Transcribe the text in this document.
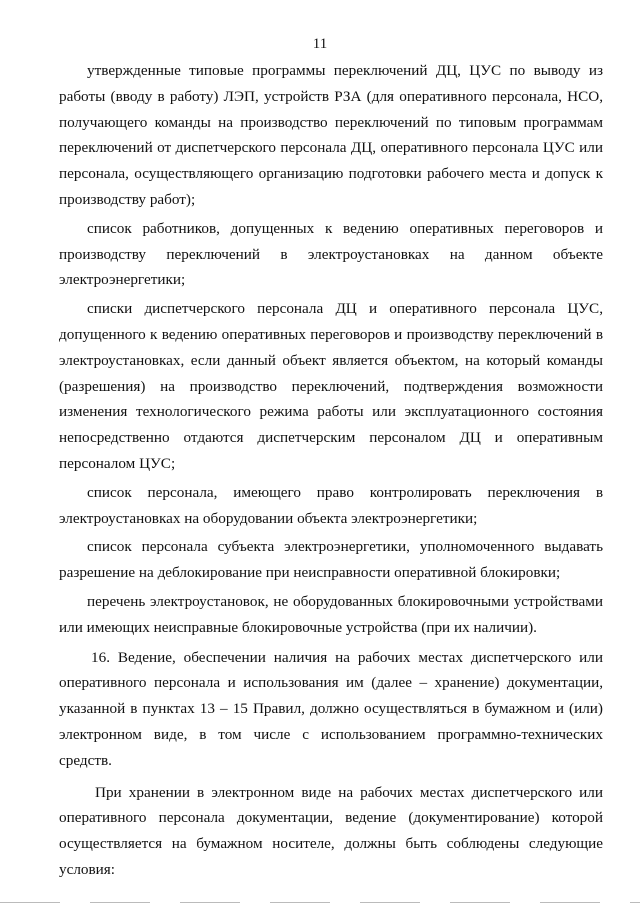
11

утвержденные типовые программы переключений ДЦ, ЦУС по выводу из работы (вводу в работу) ЛЭП, устройств РЗА (для оперативного персонала, НСО, получающего команды на производство переключений по типовым программам переключений от диспетчерского персонала ДЦ, оперативного персонала ЦУС или персонала, осуществляющего организацию подготовки рабочего места и допуск к производству работ);

список работников, допущенных к ведению оперативных переговоров и производству переключений в электроустановках на данном объекте электроэнергетики;

списки диспетчерского персонала ДЦ и оперативного персонала ЦУС, допущенного к ведению оперативных переговоров и производству переключений в электроустановках, если данный объект является объектом, на который команды (разрешения) на производство переключений, подтверждения возможности изменения технологического режима работы или эксплуатационного состояния непосредственно отдаются диспетчерским персоналом ДЦ и оперативным персоналом ЦУС;

список персонала, имеющего право контролировать переключения в электроустановках на оборудовании объекта электроэнергетики;

список персонала субъекта электроэнергетики, уполномоченного выдавать разрешение на деблокирование при неисправности оперативной блокировки;

перечень электроустановок, не оборудованных блокировочными устройствами или имеющих неисправные блокировочные устройства (при их наличии).

16. Ведение, обеспечении наличия на рабочих местах диспетчерского или оперативного персонала и использования им (далее – хранение) документации, указанной в пунктах 13 – 15 Правил, должно осуществляться в бумажном и (или) электронном виде, в том числе с использованием программно-технических средств.

При хранении в электронном виде на рабочих местах диспетчерского или оперативного персонала документации, ведение (документирование) которой осуществляется на бумажном носителе, должны быть соблюдены следующие условия:
